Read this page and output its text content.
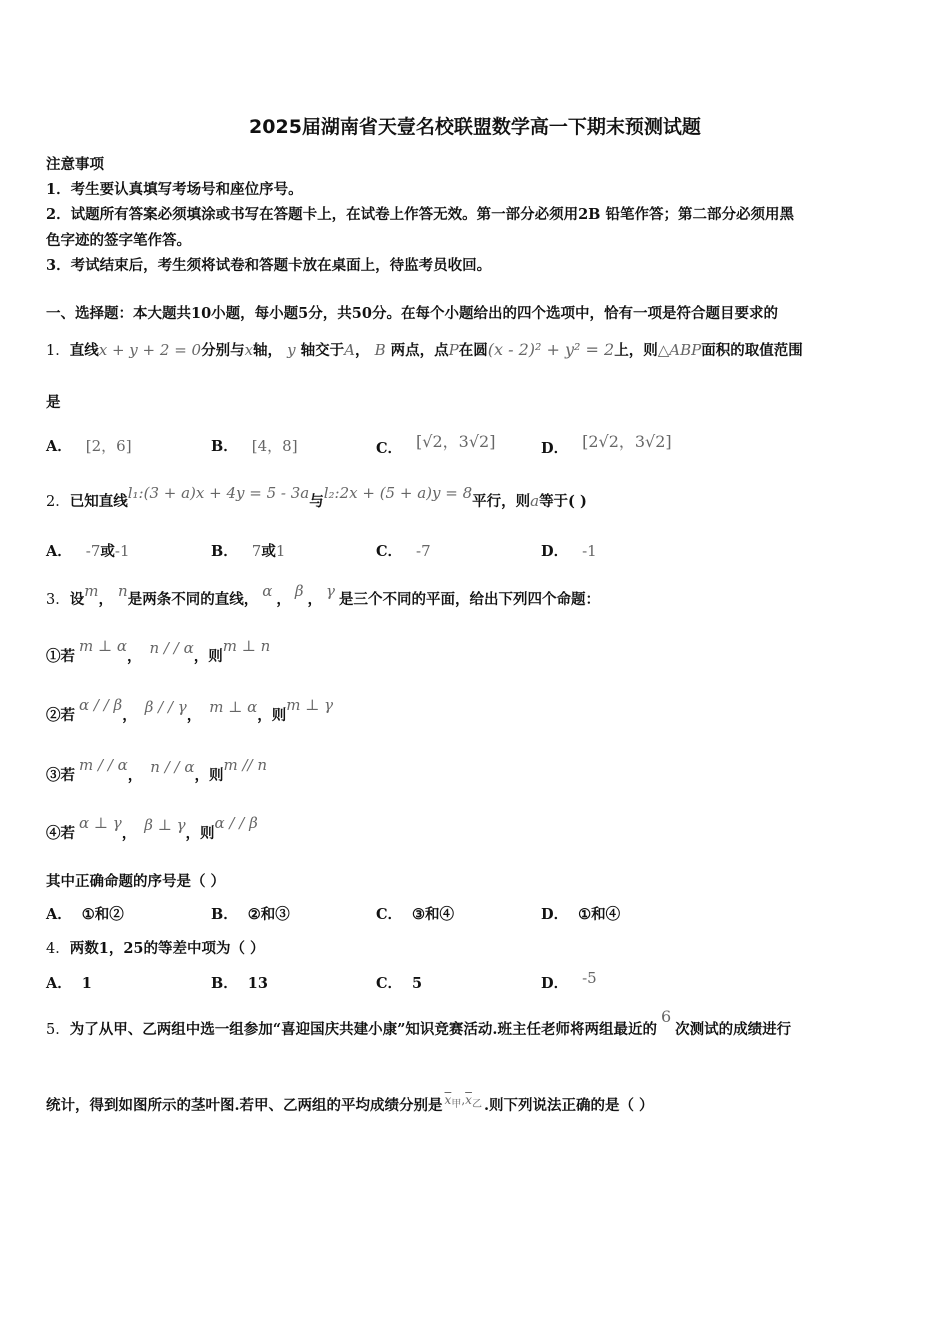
2025届湖南省天壹名校联盟数学高一下期末预测试题
注意事项
1．考生要认真填写考场号和座位序号。
2．试题所有答案必须填涂或书写在答题卡上，在试卷上作答无效。第一部分必须用2B 铅笔作答；第二部分必须用黑
色字迹的签字笔作答。
3．考试结束后，考生须将试卷和答题卡放在桌面上，待监考员收回。
一、选择题：本大题共10小题，每小题5分，共50分。在每个小题给出的四个选项中，恰有一项是符合题目要求的
1．直线x + y + 2 = 0分别与x轴， y 轴交于A， B 两点，点P在圆(x - 2)² + y² = 2上，则△ABP面积的取值范围
是
A． [2，6]	B． [4，8]	C． [√2，3√2]	D． [2√2，3√2]
2．已知直线l₁:(3 + a)x + 4y = 5 - 3a与l₂:2x + (5 + a)y = 8平行，则a等于( )
A． -7或-1	B． 7或1	C． -7	D． -1
3．设m， n是两条不同的直线， α ， β ， γ 是三个不同的平面，给出下列四个命题：
①若m ⊥ α， n / / α，则m ⊥ n
②若α / / β， β / / γ， m ⊥ α，则m ⊥ γ
③若m / / α， n / / α，则m // n
④若α ⊥ γ， β ⊥ γ，则α / / β
其中正确命题的序号是（ ）
A． ①和②	B． ②和③	C． ③和④	D． ①和④
4．两数1，25的等差中项为（ ）
A． 1	B． 13	C． 5	D． -5
5．为了从甲、乙两组中选一组参加“喜迎国庆共建小康”知识竞赛活动.班主任老师将两组最近的6次测试的成绩进行
统计，得到如图所示的茎叶图.若甲、乙两组的平均成绩分别是 $\overline{x}_甲,\overline{x}_乙$ .则下列说法正确的是（ ）
